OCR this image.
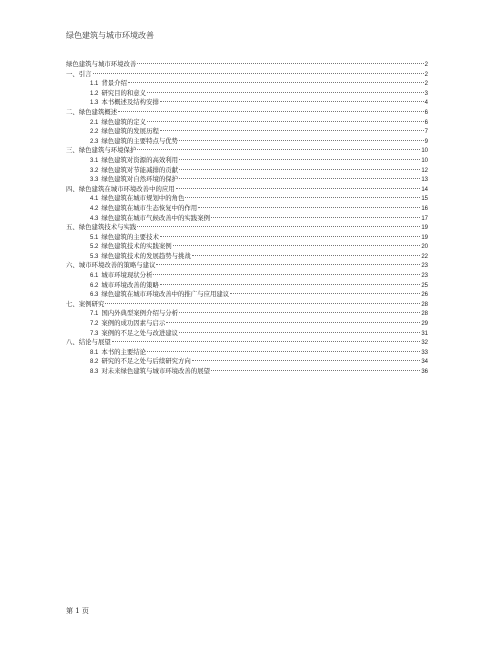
绿色建筑与城市环境改善
绿色建筑与城市环境改善	2
一、引言	2
1.1 背景介绍	2
1.2 研究目的和意义	3
1.3 本书概述及结构安排	4
二、绿色建筑概述	6
2.1 绿色建筑的定义	6
2.2 绿色建筑的发展历程	7
2.3 绿色建筑的主要特点与优势	9
三、绿色建筑与环境保护	10
3.1 绿色建筑对资源的高效利用	10
3.2 绿色建筑对节能减排的贡献	12
3.3 绿色建筑对自然环境的保护	13
四、绿色建筑在城市环境改善中的应用	14
4.1 绿色建筑在城市规划中的角色	15
4.2 绿色建筑在城市生态恢复中的作用	16
4.3 绿色建筑在城市气候改善中的实践案例	17
五、绿色建筑技术与实践	19
5.1 绿色建筑的主要技术	19
5.2 绿色建筑技术的实践案例	20
5.3 绿色建筑技术的发展趋势与挑战	22
六、城市环境改善的策略与建议	23
6.1 城市环境现状分析	23
6.2 城市环境改善的策略	25
6.3 绿色建筑在城市环境改善中的推广与应用建议	26
七、案例研究	28
7.1 国内外典型案例介绍与分析	28
7.2 案例的成功因素与启示	29
7.3 案例的不足之处与改进建议	31
八、结论与展望	32
8.1 本书的主要结论	33
8.2 研究的不足之处与后续研究方向	34
8.3 对未来绿色建筑与城市环境改善的展望	36
第 1 页
